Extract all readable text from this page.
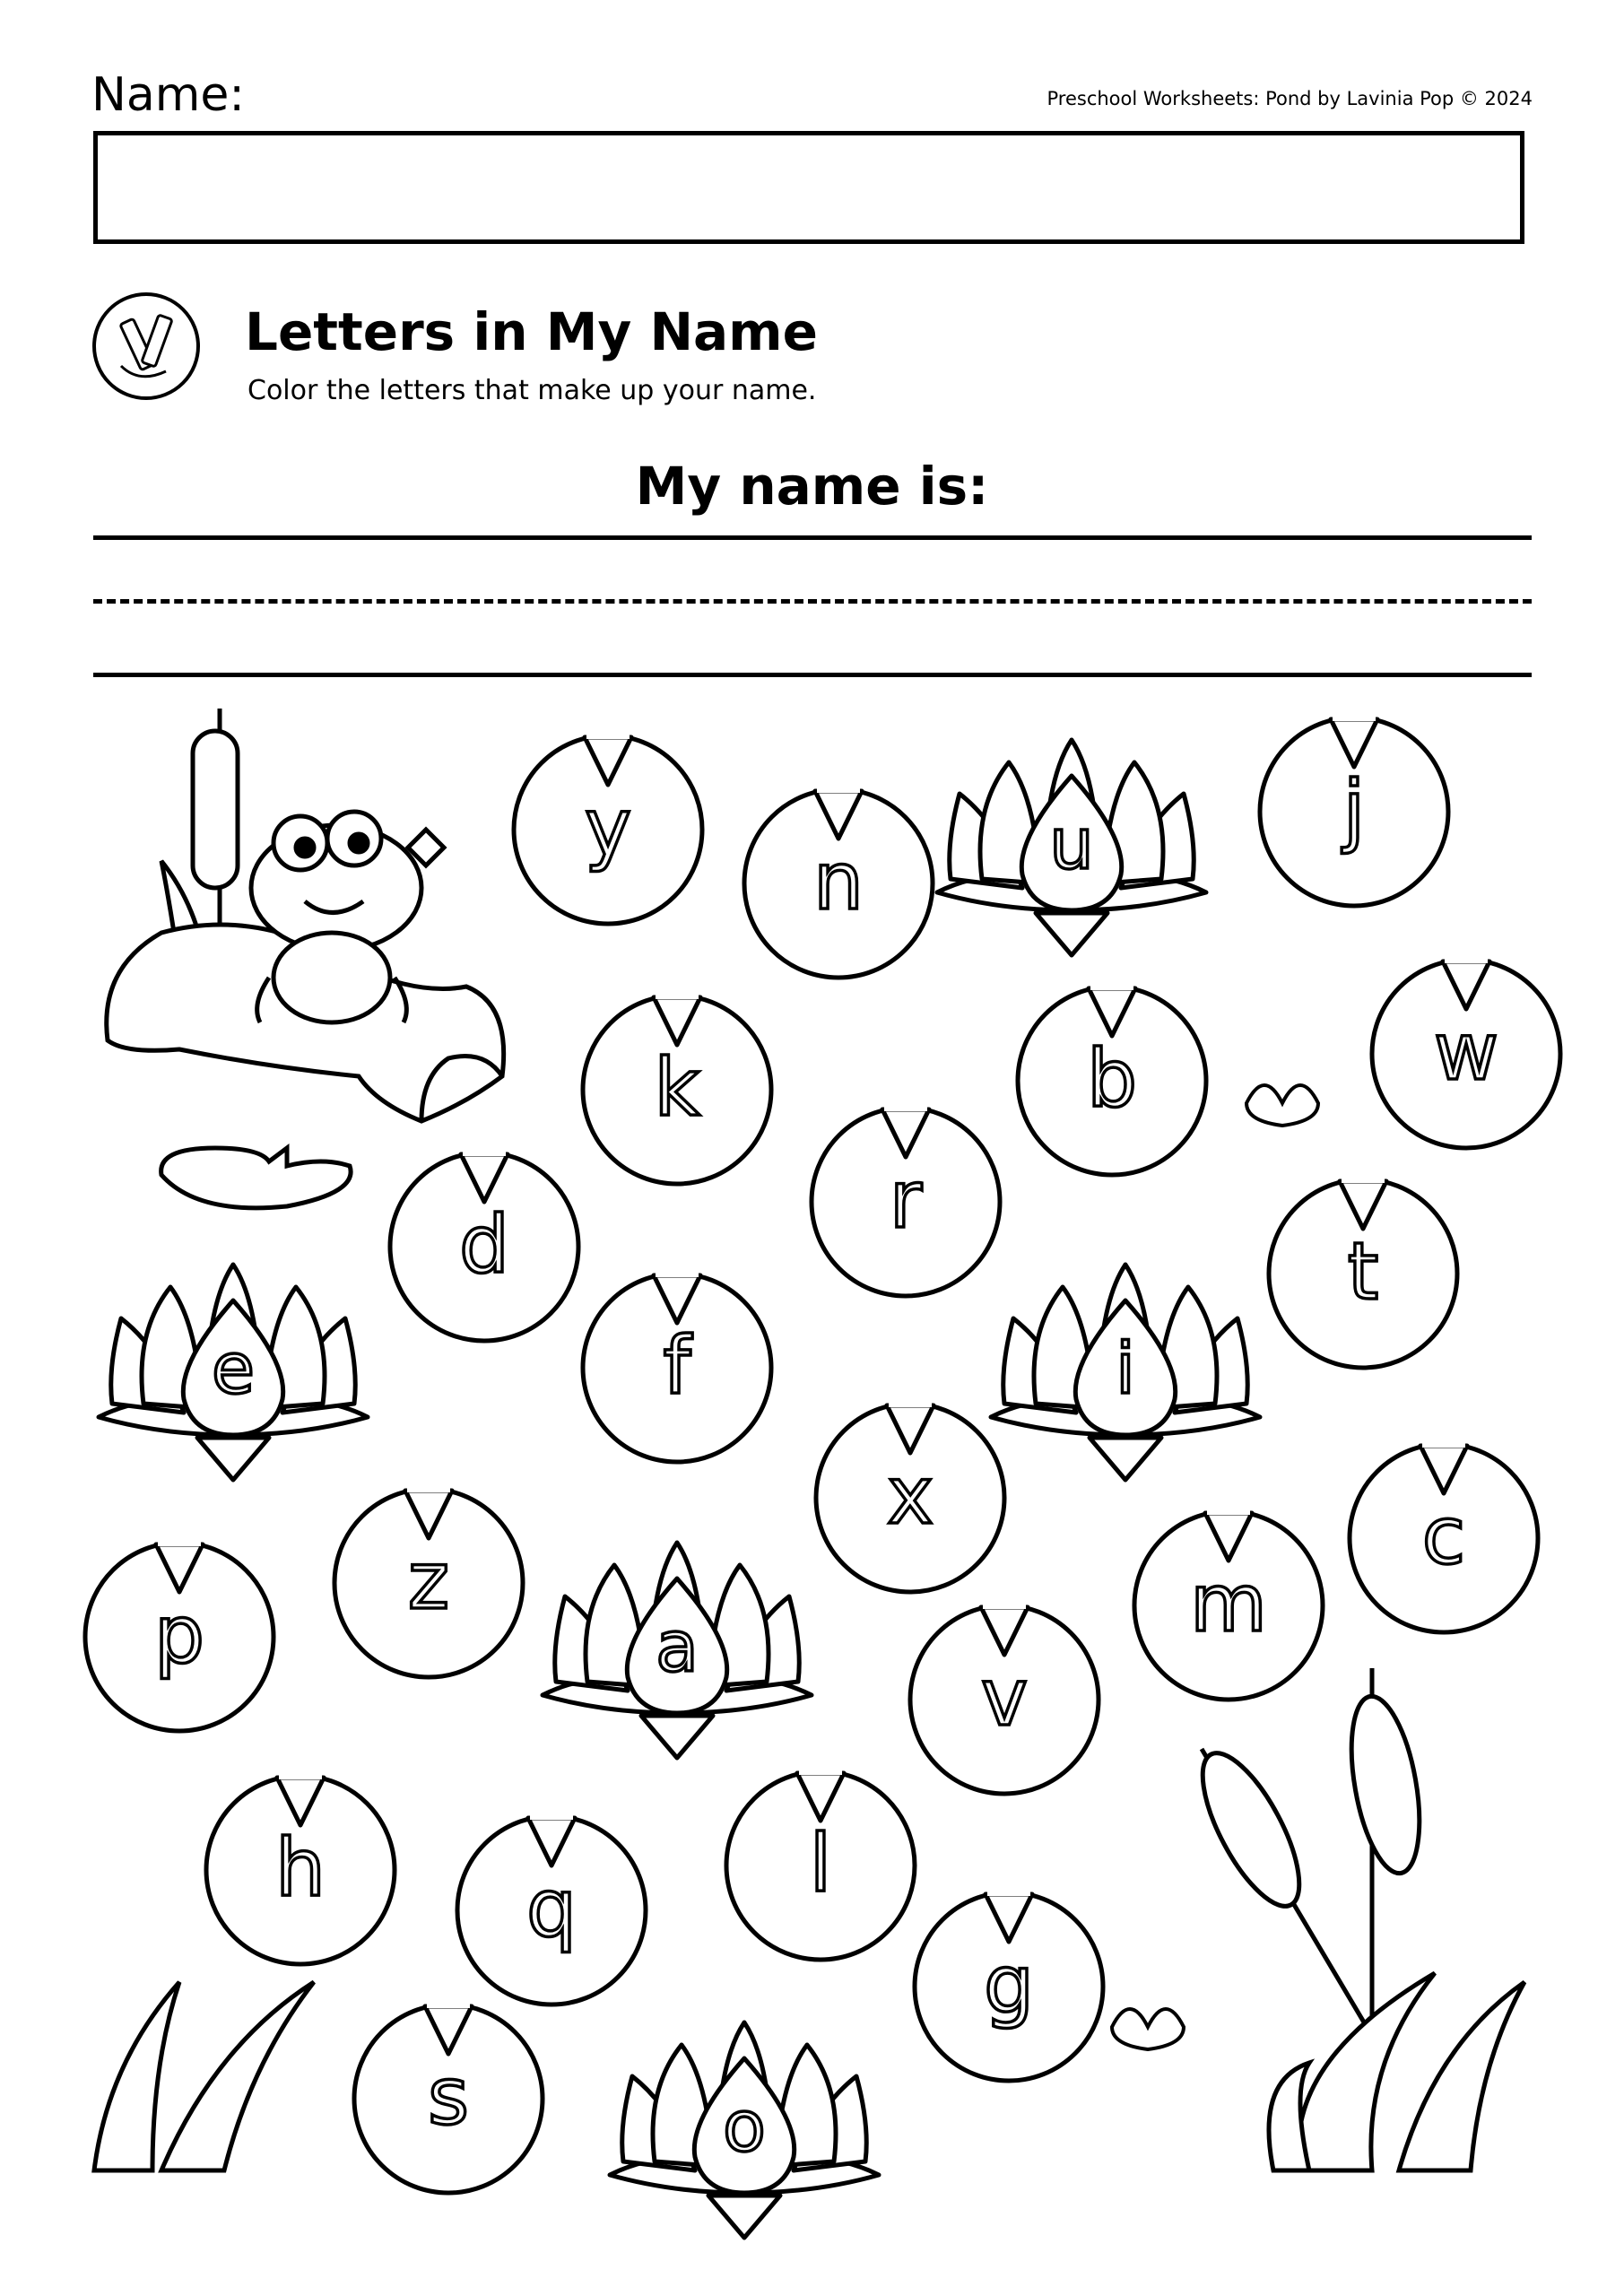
Name:	Preschool Worksheets: Pond by Lavinia Pop © 2024
Letters in My Name
Color the letters that make up your name.
My name is:
y
n	u	j
k	b	w
r
d	t
e	f	i
x	c
z
p	a	m
v
h	q	l
g
s	o
